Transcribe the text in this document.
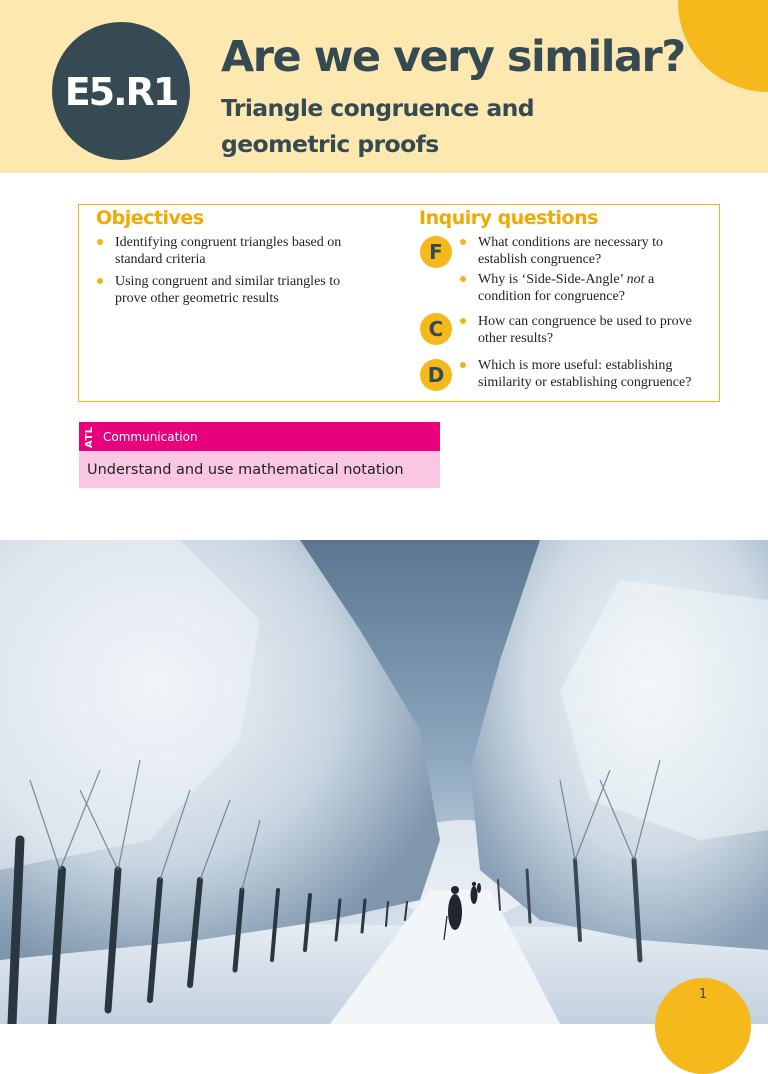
E5.R1
Are we very similar?
Triangle congruence and
geometric proofs
Objectives
Identifying congruent triangles based on standard criteria
Using congruent and similar triangles to prove other geometric results
Inquiry questions
F	What conditions are necessary to establish congruence?
Why is ‘Side-Side-Angle’ not a condition for congruence?
C	How can congruence be used to prove other results?
D	Which is more useful: establishing similarity or establishing congruence?
ATL Communication
Understand and use mathematical notation
1
